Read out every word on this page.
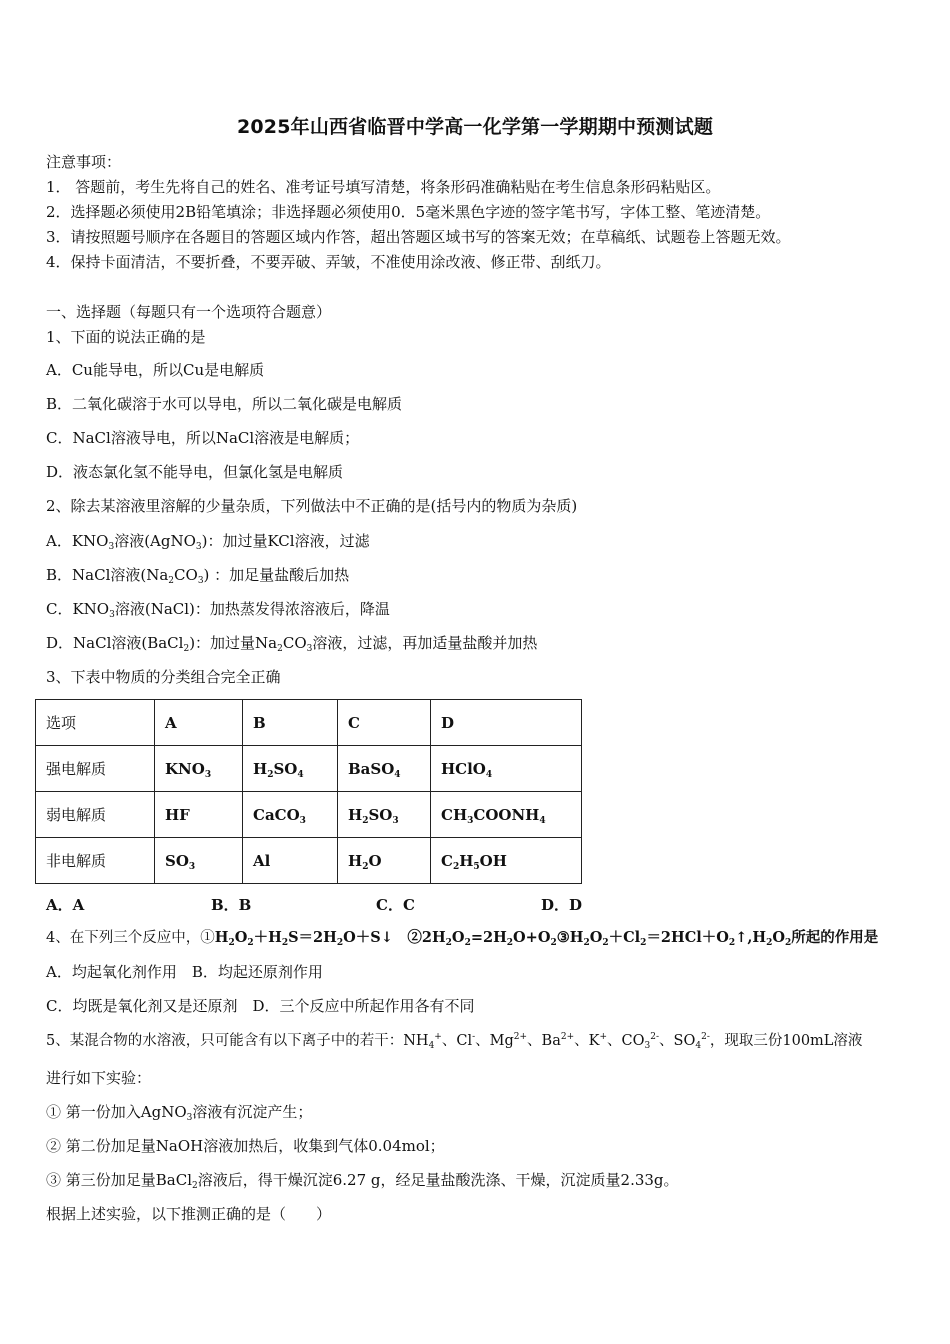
2025年山西省临晋中学高一化学第一学期期中预测试题
注意事项：
1． 答题前，考生先将自己的姓名、准考证号填写清楚，将条形码准确粘贴在考生信息条形码粘贴区。
2．选择题必须使用2B铅笔填涂；非选择题必须使用0．5毫米黑色字迹的签字笔书写，字体工整、笔迹清楚。
3．请按照题号顺序在各题目的答题区域内作答，超出答题区域书写的答案无效；在草稿纸、试题卷上答题无效。
4．保持卡面清洁，不要折叠，不要弄破、弄皱，不准使用涂改液、修正带、刮纸刀。
一、选择题（每题只有一个选项符合题意）
1、下面的说法正确的是
A．Cu能导电，所以Cu是电解质
B．二氧化碳溶于水可以导电，所以二氧化碳是电解质
C．NaCl溶液导电，所以NaCl溶液是电解质；
D．液态氯化氢不能导电，但氯化氢是电解质
2、除去某溶液里溶解的少量杂质，下列做法中不正确的是(括号内的物质为杂质)
A．$KNO_3$溶液(AgNO$_3$)：加过量KCl溶液，过滤
B．NaCl溶液$(Na_2CO_3)$ ：加足量盐酸后加热
C．$KNO_3$溶液(NaCl)：加热蒸发得浓溶液后，降温
D．NaCl溶液(BaCl$_2$)：加过量$Na_2CO_3$溶液，过滤，再加适量盐酸并加热
3、下表中物质的分类组合完全正确
选项	A	B	C	D
强电解质	$KNO_3$	$H_2SO_4$	BaSO$_4$	HClO$_4$
弱电解质	HF	CaCO$_3$	$H_2SO_3$	$CH_3COONH_4$
非电解质	$SO_3$	Al	$H_2O$	$C_2H_5OH$
A．A	B．B	C．C	D．D
4、在下列三个反应中，$①H_2O_2+H_2S=2H_2O+S↓$　$②2H_2O_2=2H_2O+O_2③H_2O_2+Cl_2=2HCl+O_2↑,H_2O_2$所起的作用是
A．均起氧化剂作用　B．均起还原剂作用
C．均既是氧化剂又是还原剂　D．三个反应中所起作用各有不同
5、某混合物的水溶液，只可能含有以下离子中的若干：$NH_4^+$、Cl-、$Mg^{2+}$、$Ba^{2+}$、K+、$CO_3^{2-}$、$SO_4^{2-}$，现取三份100mL溶液
进行如下实验：
① 第一份加入AgNO$_3$溶液有沉淀产生；
② 第二份加足量NaOH溶液加热后，收集到气体0.04mol；
③ 第三份加足量BaCl$_2$溶液后，得干燥沉淀6.27 g，经足量盐酸洗涤、干燥，沉淀质量2.33g。
根据上述实验，以下推测正确的是（　　）
